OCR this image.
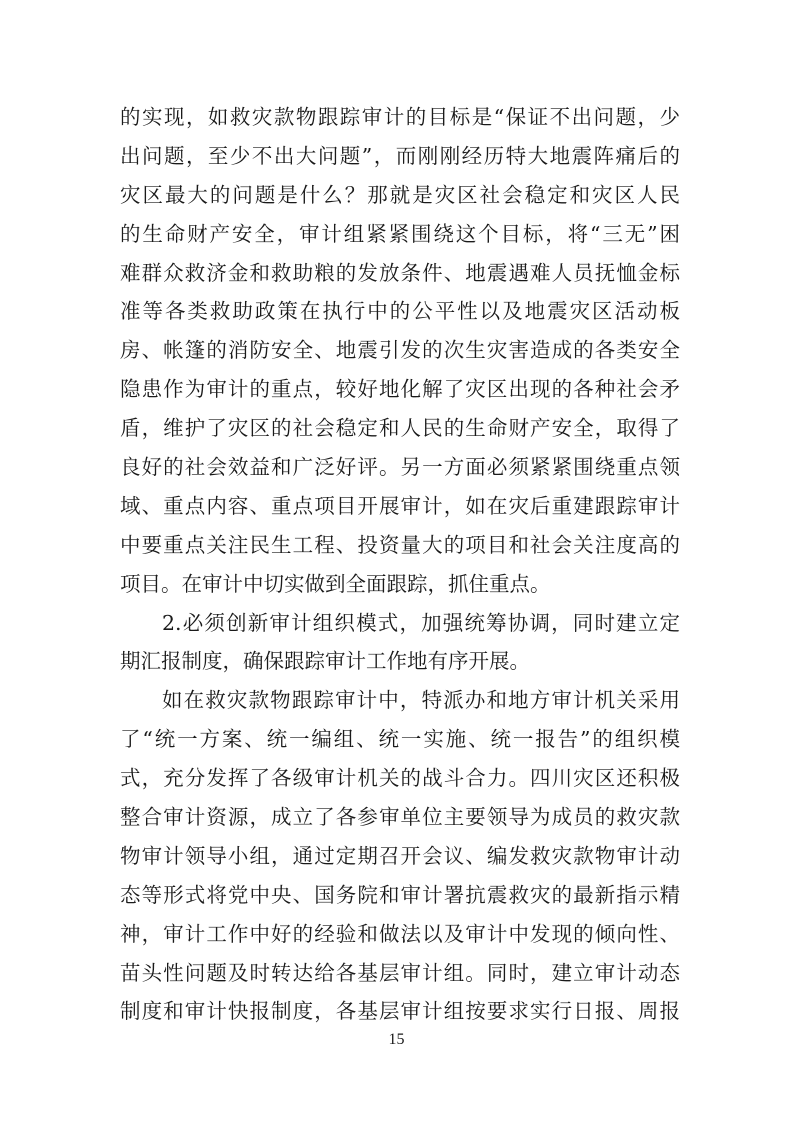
的实现，如救灾款物跟踪审计的目标是“保证不出问题，少
出问题，至少不出大问题”，而刚刚经历特大地震阵痛后的
灾区最大的问题是什么？那就是灾区社会稳定和灾区人民
的生命财产安全，审计组紧紧围绕这个目标，将“三无”困
难群众救济金和救助粮的发放条件、地震遇难人员抚恤金标
准等各类救助政策在执行中的公平性以及地震灾区活动板
房、帐篷的消防安全、地震引发的次生灾害造成的各类安全
隐患作为审计的重点，较好地化解了灾区出现的各种社会矛
盾，维护了灾区的社会稳定和人民的生命财产安全，取得了
良好的社会效益和广泛好评。另一方面必须紧紧围绕重点领
域、重点内容、重点项目开展审计，如在灾后重建跟踪审计
中要重点关注民生工程、投资量大的项目和社会关注度高的
项目。在审计中切实做到全面跟踪，抓住重点。
2.必须创新审计组织模式，加强统筹协调，同时建立定
期汇报制度，确保跟踪审计工作地有序开展。
如在救灾款物跟踪审计中，特派办和地方审计机关采用
了“统一方案、统一编组、统一实施、统一报告”的组织模
式，充分发挥了各级审计机关的战斗合力。四川灾区还积极
整合审计资源，成立了各参审单位主要领导为成员的救灾款
物审计领导小组，通过定期召开会议、编发救灾款物审计动
态等形式将党中央、国务院和审计署抗震救灾的最新指示精
神，审计工作中好的经验和做法以及审计中发现的倾向性、
苗头性问题及时转达给各基层审计组。同时，建立审计动态
制度和审计快报制度，各基层审计组按要求实行日报、周报
15
